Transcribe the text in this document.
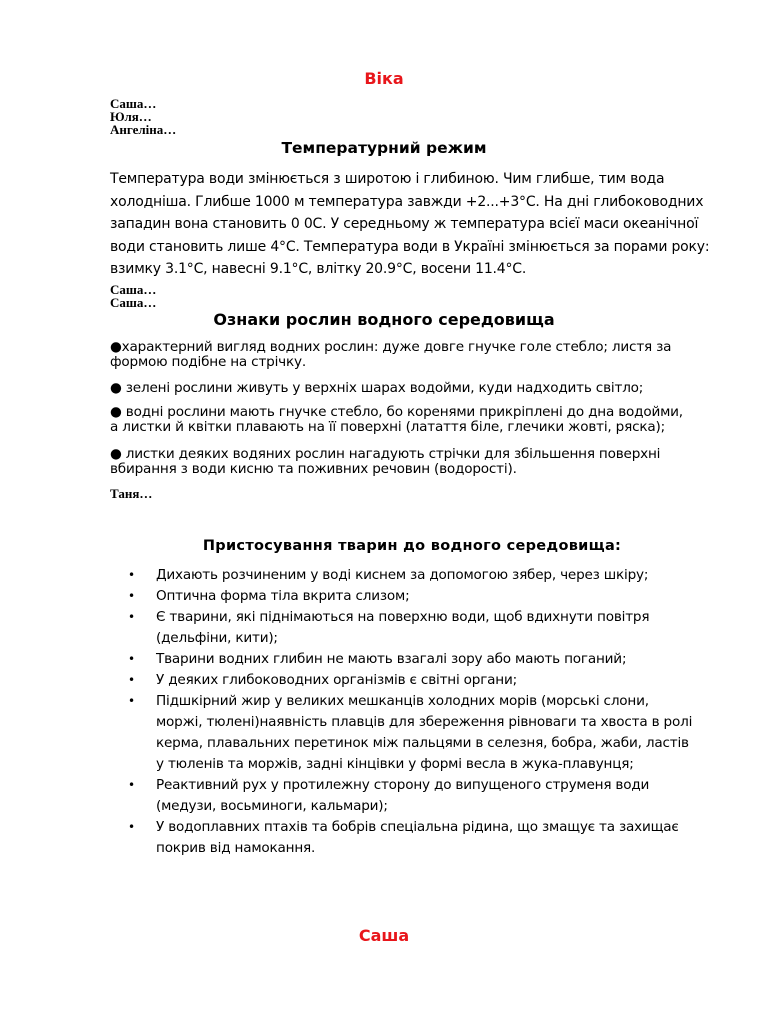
Віка
Саша…
Юля…
Ангеліна…
Температурний режим
Температура води змінюється з широтою і глибиною. Чим глибше, тим вода
холодніша. Глибше 1000 м температура завжди +2...+3°С. На дні глибоководних
западин вона становить 0 0С. У середньому ж температура всієї маси океанічної
води становить лише 4°С. Температура води в Україні змінюється за порами року:
взимку 3.1°С, навесні 9.1°С, влітку 20.9°С, восени 11.4°С.
Саша…
Саша…
Ознаки рослин водного середовища
●характерний вигляд водних рослин: дуже довге гнучке голе стебло; листя за
формою подібне на стрічку.
● зелені рослини живуть у верхніх шарах водойми, куди надходить світло;
● водні рослини мають гнучке стебло, бо коренями прикріплені до дна водойми,
а листки й квітки плавають на її поверхні (латаття біле, глечики жовті, ряска);
● листки деяких водяних рослин нагадують стрічки для збільшення поверхні
вбирання з води кисню та поживних речовин (водорості).
Таня…
Пристосування тварин до водного середовища:
• Дихають розчиненим у воді киснем за допомогою зябер, через шкіру;
• Оптична форма тіла вкрита слизом;
• Є тварини, які піднімаються на поверхню води, щоб вдихнути повітря
(дельфіни, кити);
• Тварини водних глибин не мають взагалі зору або мають поганий;
• У деяких глибоководних організмів є світні органи;
• Підшкірний жир у великих мешканців холодних морів (морські слони,
моржі, тюлені)наявність плавців для збереження рівноваги та хвоста в ролі
керма, плавальних перетинок між пальцями в селезня, бобра, жаби, ластів
у тюленів та моржів, задні кінцівки у формі весла в жука-плавунця;
• Реактивний рух у протилежну сторону до випущеного струменя води
(медузи, восьминоги, кальмари);
• У водоплавних птахів та бобрів спеціальна рідина, що змащує та захищає
покрив від намокання.
Саша
